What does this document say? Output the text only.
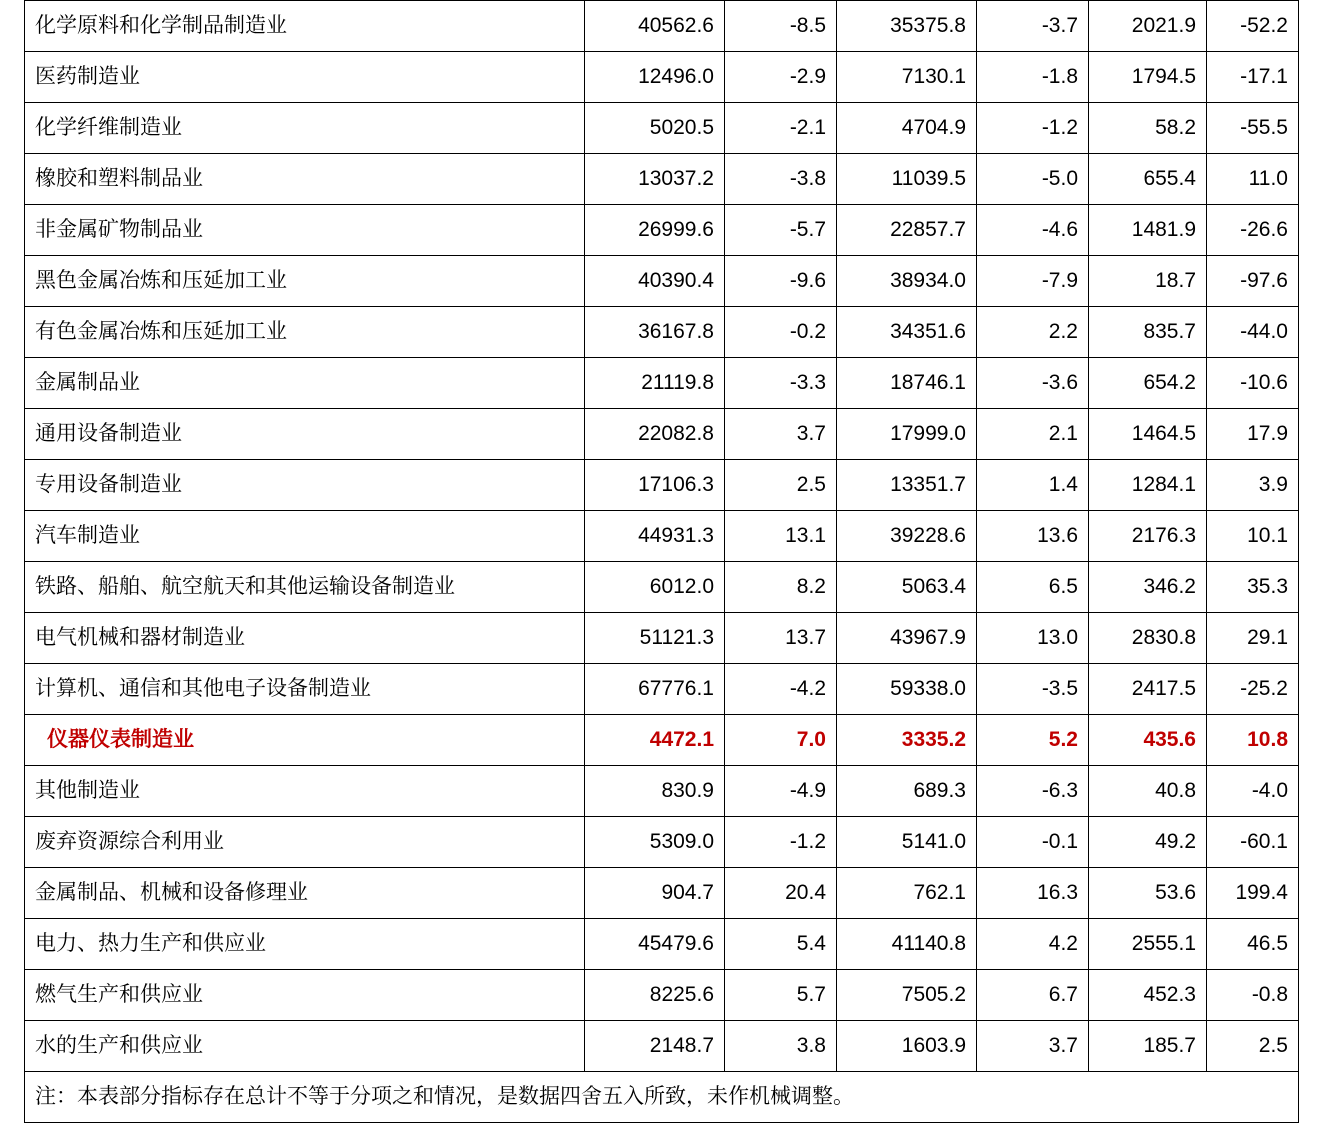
化学原料和化学制品制造业	40562.6	-8.5	35375.8	-3.7	2021.9	-52.2
医药制造业	12496.0	-2.9	7130.1	-1.8	1794.5	-17.1
化学纤维制造业	5020.5	-2.1	4704.9	-1.2	58.2	-55.5
橡胶和塑料制品业	13037.2	-3.8	11039.5	-5.0	655.4	11.0
非金属矿物制品业	26999.6	-5.7	22857.7	-4.6	1481.9	-26.6
黑色金属冶炼和压延加工业	40390.4	-9.6	38934.0	-7.9	18.7	-97.6
有色金属冶炼和压延加工业	36167.8	-0.2	34351.6	2.2	835.7	-44.0
金属制品业	21119.8	-3.3	18746.1	-3.6	654.2	-10.6
通用设备制造业	22082.8	3.7	17999.0	2.1	1464.5	17.9
专用设备制造业	17106.3	2.5	13351.7	1.4	1284.1	3.9
汽车制造业	44931.3	13.1	39228.6	13.6	2176.3	10.1
铁路、船舶、航空航天和其他运输设备制造业	6012.0	8.2	5063.4	6.5	346.2	35.3
电气机械和器材制造业	51121.3	13.7	43967.9	13.0	2830.8	29.1
计算机、通信和其他电子设备制造业	67776.1	-4.2	59338.0	-3.5	2417.5	-25.2
仪器仪表制造业	4472.1	7.0	3335.2	5.2	435.6	10.8
其他制造业	830.9	-4.9	689.3	-6.3	40.8	-4.0
废弃资源综合利用业	5309.0	-1.2	5141.0	-0.1	49.2	-60.1
金属制品、机械和设备修理业	904.7	20.4	762.1	16.3	53.6	199.4
电力、热力生产和供应业	45479.6	5.4	41140.8	4.2	2555.1	46.5
燃气生产和供应业	8225.6	5.7	7505.2	6.7	452.3	-0.8
水的生产和供应业	2148.7	3.8	1603.9	3.7	185.7	2.5
注：本表部分指标存在总计不等于分项之和情况，是数据四舍五入所致，未作机械调整。						
